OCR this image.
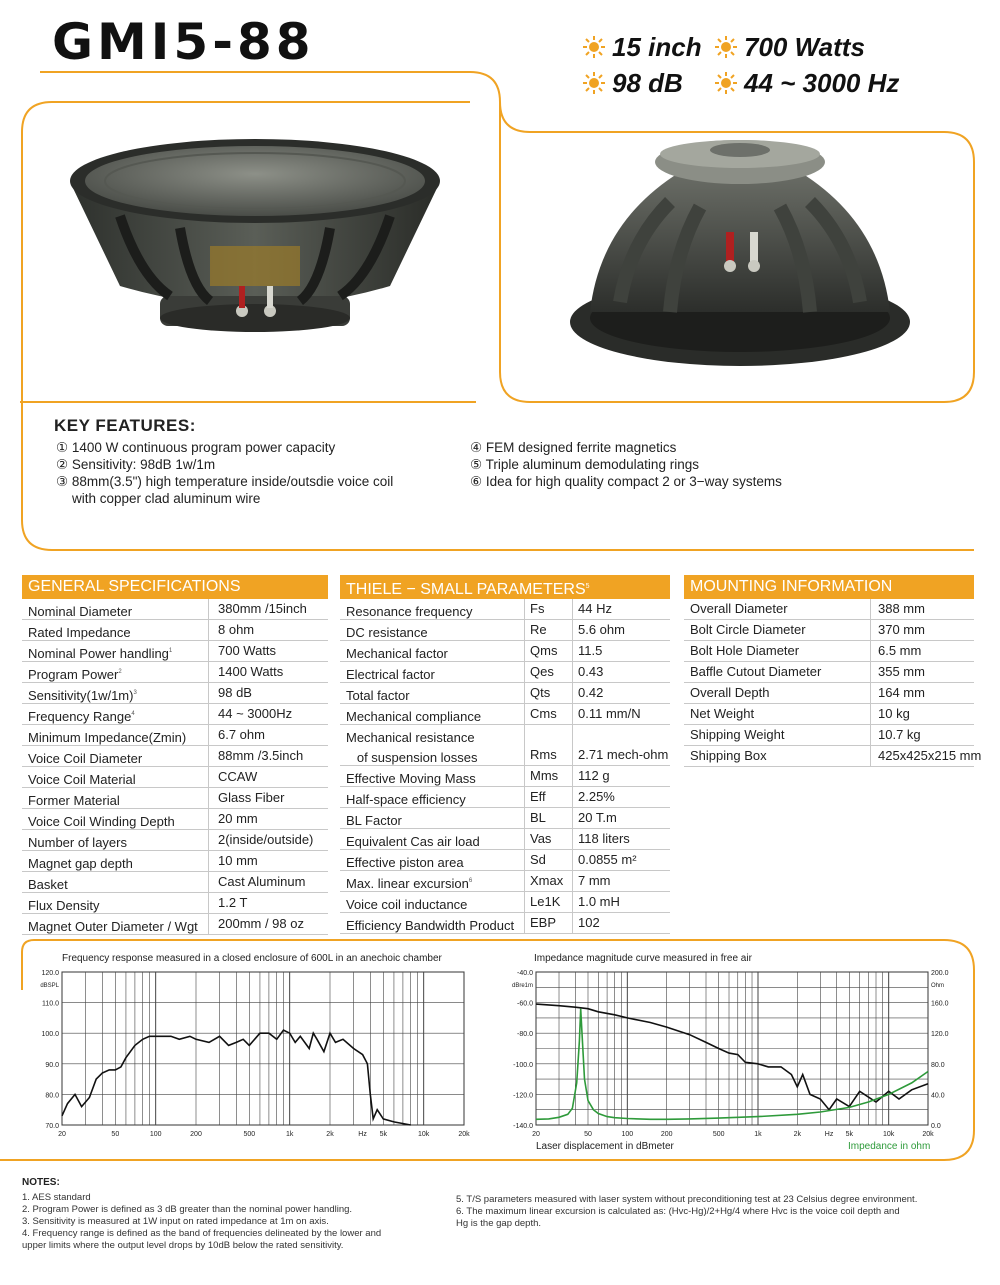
GMI5-88	15 inch	700 Watts
98 dB	44 ~ 3000 Hz
KEY FEATURES:
① 1400 W continuous program power capacity
② Sensitivity: 98dB 1w/1m
③ 88mm(3.5") high temperature inside/outsdie voice coil
with copper clad aluminum wire
④ FEM designed ferrite magnetics
⑤ Triple aluminum demodulating rings
⑥ Idea for high quality compact 2 or 3−way systems
GENERAL SPECIFICATIONS
Nominal Diameter	380mm /15inch
Rated Impedance	8 ohm
Nominal Power handling$^1$	700 Watts
Program Power$^2$	1400 Watts
$Sensitivity(1w/1m)^3$	98 dB
Frequency Range$^4$	44 ~ 3000Hz
Minimum Impedance(Zmin) 6.7 ohm
Voice Coil Diameter	88mm /3.5inch
Voice Coil Material	CCAW
Former Material	Glass Fiber
Voice Coil Winding Depth	20 mm
Number of layers	2(inside/outside)
Magnet gap depth	10 mm
Basket	Cast Aluminum
Flux Density	1.2 T
Magnet Outer Diameter / Wgt 200mm / 98 oz
THIELE − SMALL PARAMETERS$^5$
Resonance frequency	Fs	44 Hz
DC resistance	Re 5.6 ohm
Mechanical factor	Qms 11.5
Electrical factor	Qes 0.43
Total factor	Qts 0.42
Mechanical compliance	Cms 0.11 mm/N
Mechanical resistance
of suspension losses	Rms 2.71 mech-ohm
Effective Moving Mass	Mms 112 g
Half-space efficiency	Eff 2.25%
BL Factor	BL 20 T.m
Equivalent Cas air load	Vas 118 liters
Effective piston area	Sd 0.0855 m²
Max. linear excursion$^6$	Xmax 7 mm
Voice coil inductance	Le1K 1.0 mH
Efficiency Bandwidth Product EBP 102
MOUNTING INFORMATION
Overall Diameter	388 mm
Bolt Circle Diameter	370 mm
Bolt Hole Diameter	6.5 mm
Baffle Cutout Diameter	355 mm
Overall Depth	164 mm
Net Weight	10 kg
Shipping Weight	10.7 kg
Shipping Box	425x425x215 mm
Frequency response measured in a closed enclosure of 600L in an anechoic chamber	Impedance magnitude curve measured in free air
20	50	100	200	500	1k	2k	Hz 5k	10k	20k
120.0
110.0
100.0
90.0
80.0
70.0
dBSPL
20	50	100	200	500	1k	2k	Hz 5k	10k	20k
-40.0
-60.0
-80.0
-100.0
-120.0
-140.0
200.0
160.0
120.0
80.0
40.0
0.0
dBre1m	Ohm
Laser displacement in dBmeter	Impedance in ohm
NOTES:
1. AES standard
2. Program Power is defined as 3 dB greater than the nominal power handling.
3. Sensitivity is measured at 1W input on rated impedance at 1m on axis.
4. Frequency range is defined as the band of frequencies delineated by the lower and
upper limits where the output level drops by 10dB below the rated sensitivity.
5. T/S parameters measured with laser system without preconditioning test at 23 Celsius degree environment.
6. The maximum linear excursion is calculated as: (Hvc-Hg)/2+Hg/4 where Hvc is the voice coil depth and
Hg is the gap depth.
